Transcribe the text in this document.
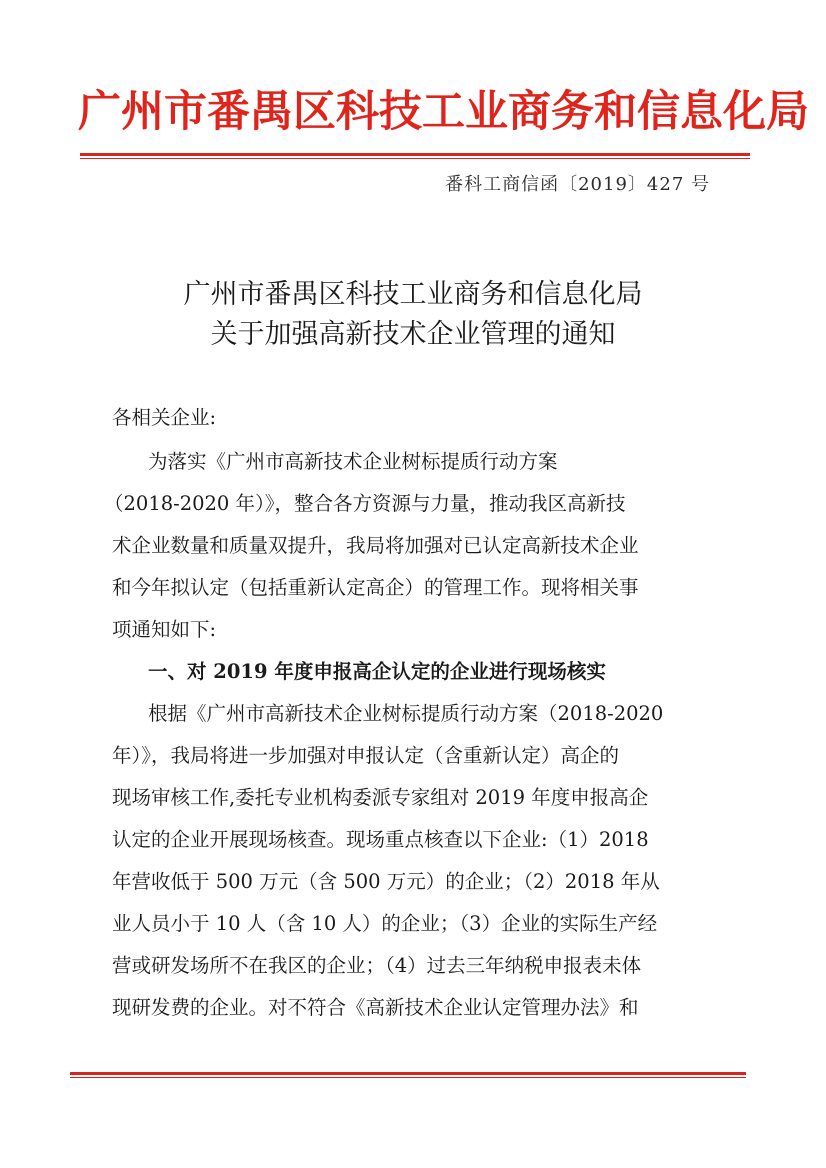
广州市番禺区科技工业商务和信息化局
番科工商信函〔2019〕427 号
广州市番禺区科技工业商务和信息化局
关于加强高新技术企业管理的通知
各相关企业:
为落实《广州市高新技术企业树标提质行动方案
（2018-2020 年）》，整合各方资源与力量，推动我区高新技
术企业数量和质量双提升，我局将加强对已认定高新技术企业
和今年拟认定（包括重新认定高企）的管理工作。现将相关事
项通知如下:
一、对 2019 年度申报高企认定的企业进行现场核实
根据《广州市高新技术企业树标提质行动方案（2018-2020
年）》，我局将进一步加强对申报认定（含重新认定）高企的
现场审核工作,委托专业机构委派专家组对 2019 年度申报高企
认定的企业开展现场核查。现场重点核查以下企业:（1）2018
年营收低于 500 万元（含 500 万元）的企业；（2）2018 年从
业人员小于 10 人（含 10 人）的企业；（3）企业的实际生产经
营或研发场所不在我区的企业；（4）过去三年纳税申报表未体
现研发费的企业。对不符合《高新技术企业认定管理办法》和
